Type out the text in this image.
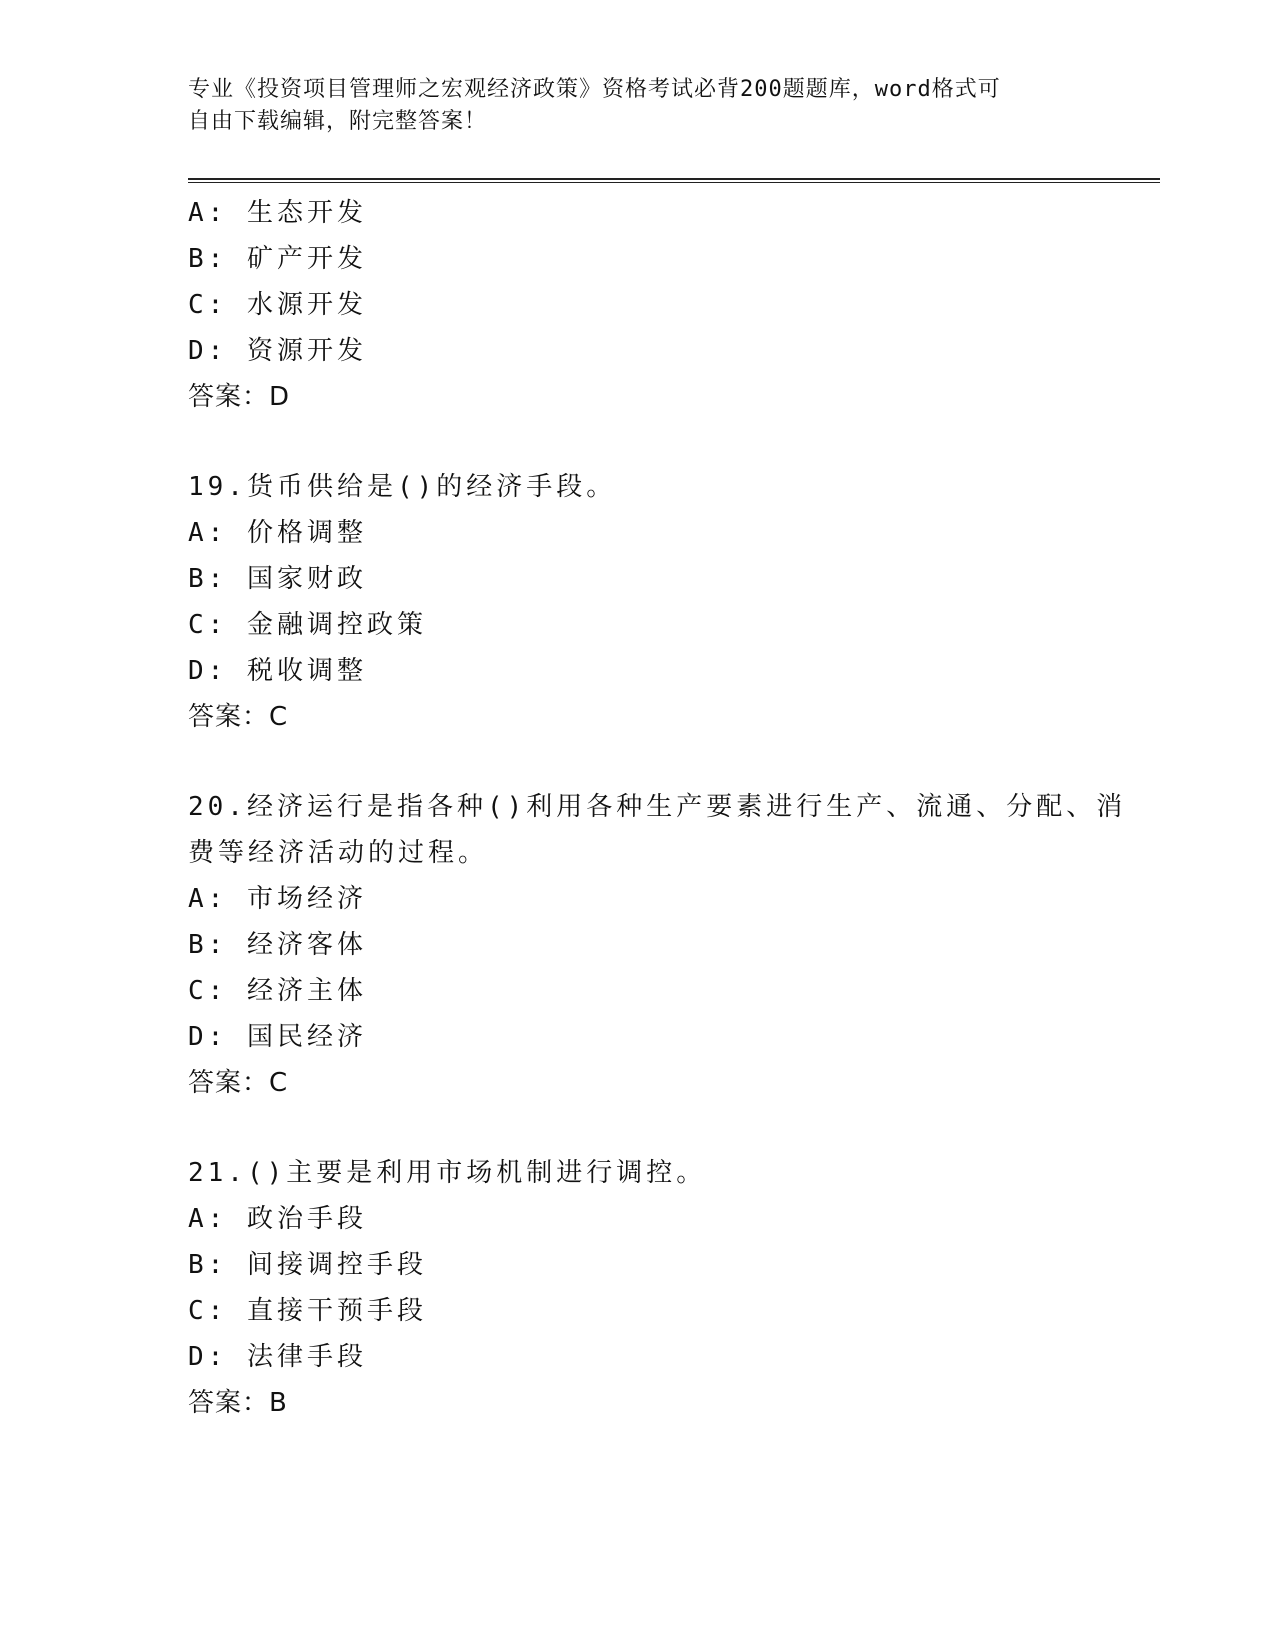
专业《投资项目管理师之宏观经济政策》资格考试必背200题题库，word格式可
自由下载编辑，附完整答案！
A: 生态开发
B: 矿产开发
C: 水源开发
D: 资源开发
答案：D
19.货币供给是()的经济手段。
A: 价格调整
B: 国家财政
C: 金融调控政策
D: 税收调整
答案：C
20.经济运行是指各种()利用各种生产要素进行生产、流通、分配、消
费等经济活动的过程。
A: 市场经济
B: 经济客体
C: 经济主体
D: 国民经济
答案：C
21.()主要是利用市场机制进行调控。
A: 政治手段
B: 间接调控手段
C: 直接干预手段
D: 法律手段
答案：B
